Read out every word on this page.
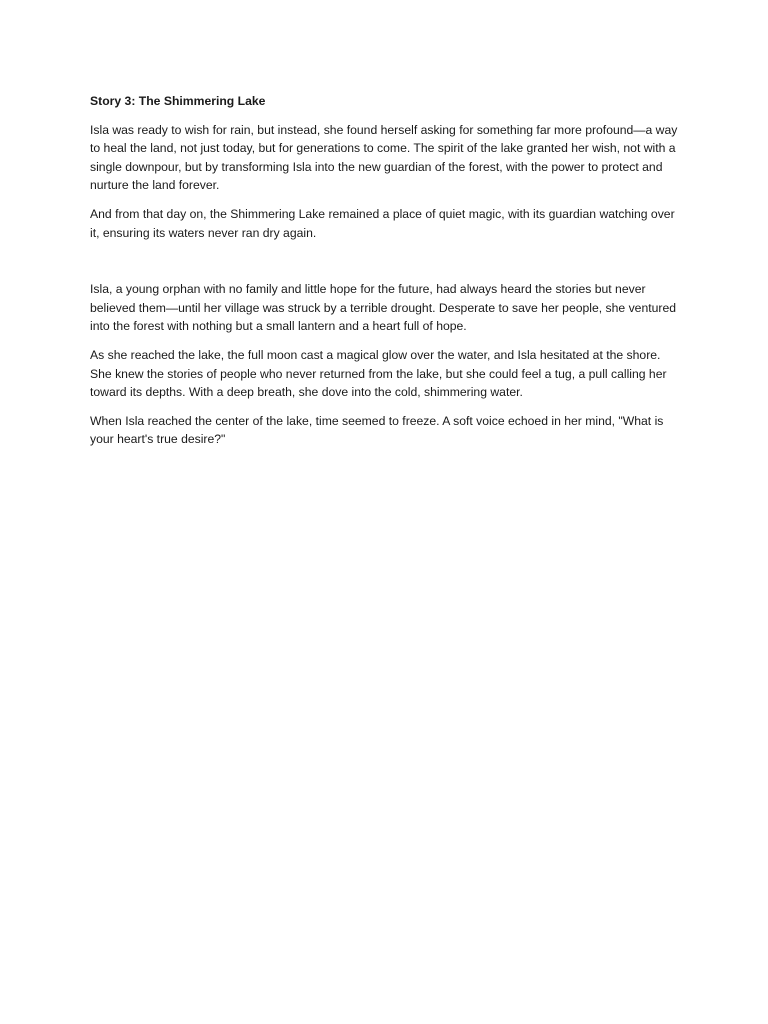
Story 3: The Shimmering Lake

Isla was ready to wish for rain, but instead, she found herself asking for something far more profound—a way to heal the land, not just today, but for generations to come. The spirit of the lake granted her wish, not with a single downpour, but by transforming Isla into the new guardian of the forest, with the power to protect and nurture the land forever.

And from that day on, the Shimmering Lake remained a place of quiet magic, with its guardian watching over it, ensuring its waters never ran dry again.

Isla, a young orphan with no family and little hope for the future, had always heard the stories but never believed them—until her village was struck by a terrible drought. Desperate to save her people, she ventured into the forest with nothing but a small lantern and a heart full of hope.

As she reached the lake, the full moon cast a magical glow over the water, and Isla hesitated at the shore. She knew the stories of people who never returned from the lake, but she could feel a tug, a pull calling her toward its depths. With a deep breath, she dove into the cold, shimmering water.

When Isla reached the center of the lake, time seemed to freeze. A soft voice echoed in her mind, "What is your heart's true desire?"
